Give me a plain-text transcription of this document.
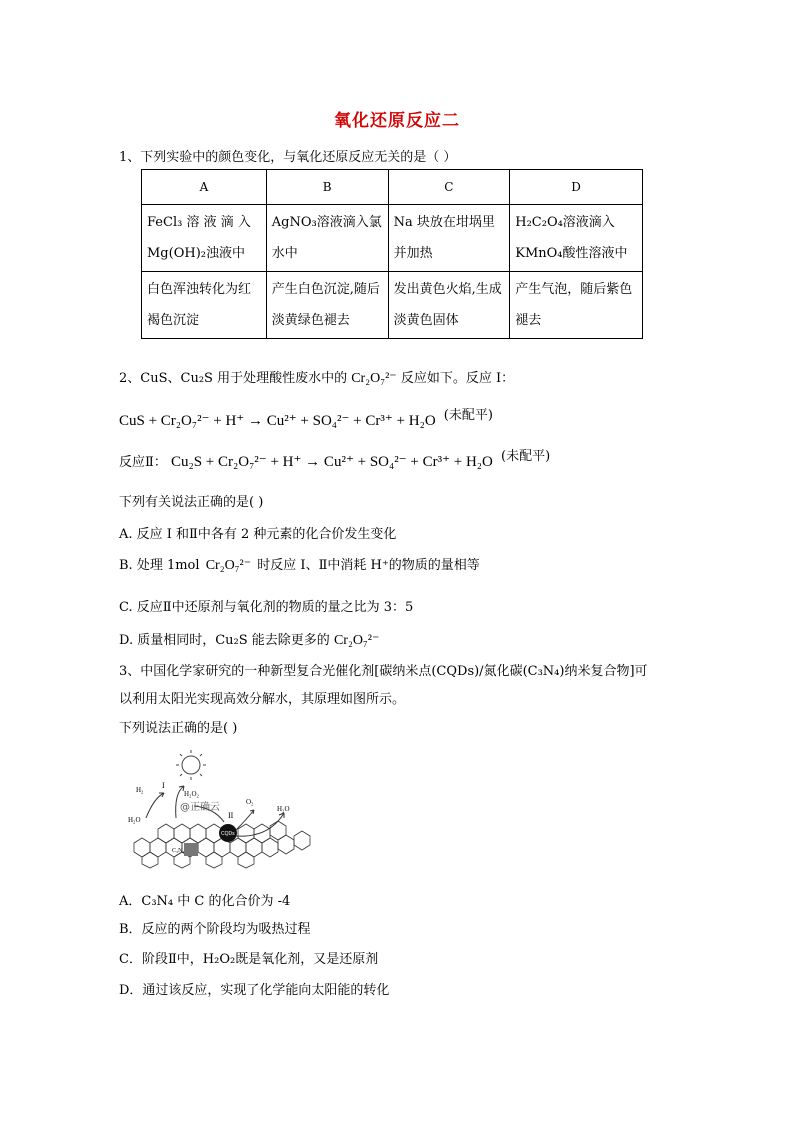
氧化还原反应二
1、下列实验中的颜色变化，与氧化还原反应无关的是（ ）
A	B	C	D
FeCl₃ 溶 液 滴 入 Mg(OH)₂浊液中	AgNO₃溶液滴入氯水中	Na 块放在坩埚里并加热	H₂C₂O₄溶液滴入 KMnO₄酸性溶液中
白色浑浊转化为红褐色沉淀	产生白色沉淀,随后淡黄绿色褪去	发出黄色火焰,生成淡黄色固体	产生气泡，随后紫色褪去
2、CuS、Cu₂S 用于处理酸性废水中的 Cr₂O₇²⁻ 反应如下。反应 I：
CuS + Cr₂O₇²⁻ + H⁺ → Cu²⁺ + SO₄²⁻ + Cr³⁺ + H₂O (未配平)
反应Ⅱ： Cu₂S + Cr₂O₇²⁻ + H⁺ → Cu²⁺ + SO₄²⁻ + Cr³⁺ + H₂O (未配平)
下列有关说法正确的是( )
A. 反应 I 和Ⅱ中各有 2 种元素的化合价发生变化
B. 处理 1mol Cr₂O₇²⁻ 时反应 I、Ⅱ中消耗 H⁺的物质的量相等
C. 反应Ⅱ中还原剂与氧化剂的物质的量之比为 3：5
D. 质量相同时，Cu₂S 能去除更多的 Cr₂O₇²⁻
3、中国化学家研究的一种新型复合光催化剂[碳纳米点(CQDs)/氮化碳(C₃N₄)纳米复合物]可
以利用太阳光实现高效分解水，其原理如图所示。
下列说法正确的是( )
C₃N₄
CQDs
I
II
H₂
H₂O
H₂O₂
O₂
H₂O
@正确云
A．C₃N₄ 中 C 的化合价为 -4
B．反应的两个阶段均为吸热过程
C．阶段Ⅱ中，H₂O₂既是氧化剂，又是还原剂
D．通过该反应，实现了化学能向太阳能的转化
